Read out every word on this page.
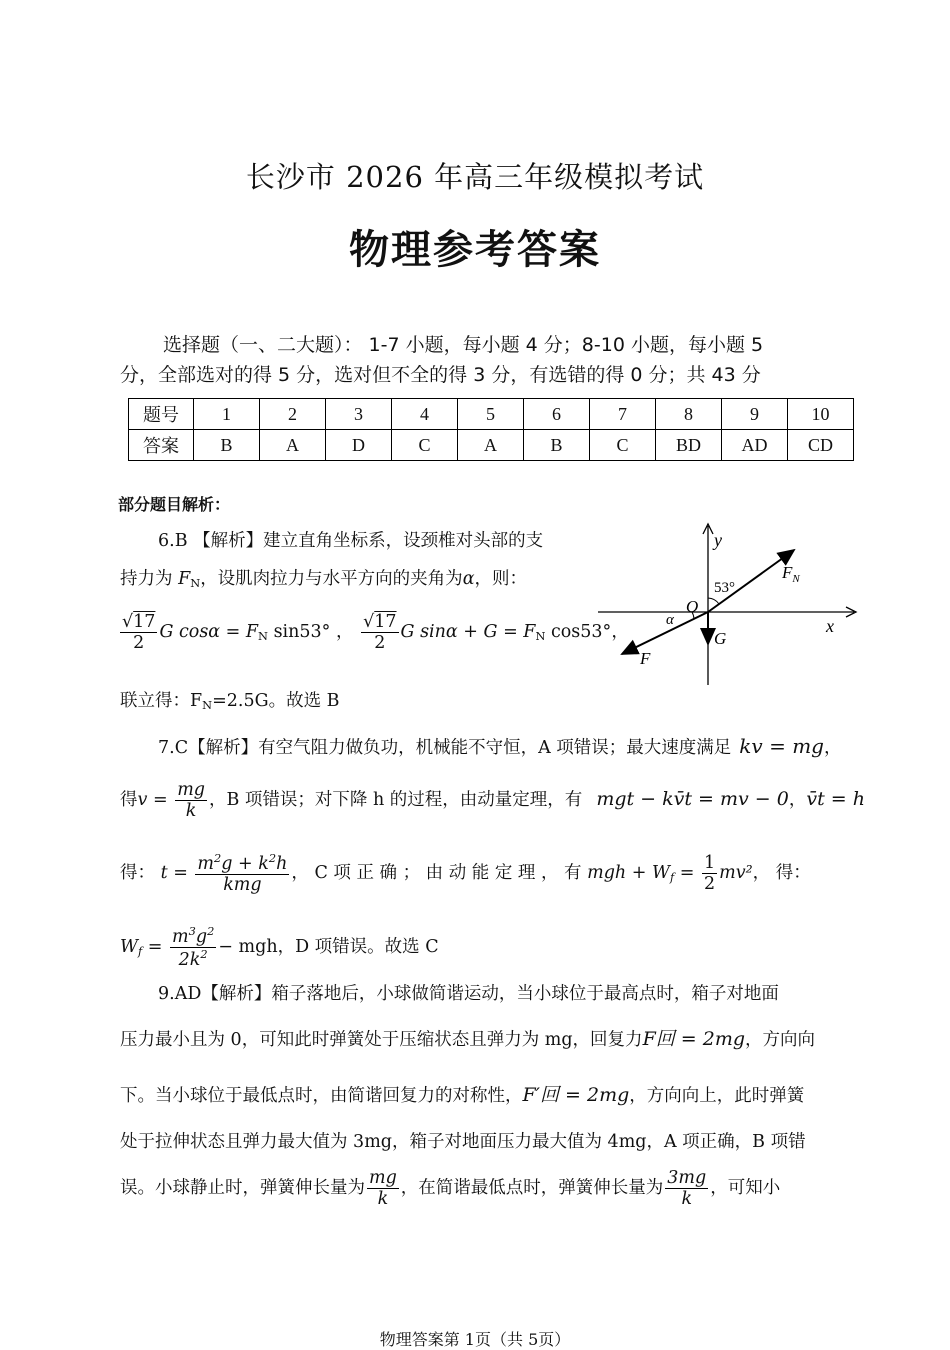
长沙市 2026 年高三年级模拟考试
物理参考答案
选择题（一、二大题）： 1-7 小题，每小题 4 分；8-10 小题，每小题 5
分，全部选对的得 5 分，选对但不全的得 3 分，有选错的得 0 分；共 43 分
题号	1	2	3	4	5	6	7	8	9	10
答案	B	A	D	C	A	B	C	BD	AD	CD
部分题目解析：
6.B 【解析】建立直角坐标系，设颈椎对头部的支
持力为 $F_N$，设肌肉拉力与水平方向的夹角为α，则：
$\frac{√17}{2}$ G $\cos\alpha = F_N$ sin53° ， $\frac{√17}{2}$ G $\sin\alpha + G = F_N$ cos53°，
联立得：$F_N=2.5G$。故选 B
y
x
O
53°
α
$F_N$
G
F
7.C【解析】有空气阻力做负功，机械能不守恒，A 项错误；最大速度满足 kv = mg，
得$v = \frac{mg}{k}$ ，B 项错误；对下降 h 的过程，由动量定理，有 mgt − kv̄t = mv − 0，v̄t = h
得： $t = \frac{m^2g + k^2h}{\text{kmg}}$ ， C 项 正 确 ； 由 动 能 定 理 ， 有 mgh + $W_f = \frac{1}{2} mv^2$， 得：
$W_f = \frac{m^3g^2}{2k^2}$ − mgh，D 项错误。故选 C
9.AD【解析】箱子落地后，小球做简谐运动，当小球位于最高点时，箱子对地面
压力最小且为 0，可知此时弹簧处于压缩状态且弹力为 mg，回复力F回 = 2mg，方向向
下。当小球位于最低点时，由简谐回复力的对称性，F′回 = 2mg，方向向上，此时弹簧
处于拉伸状态且弹力最大值为 3mg，箱子对地面压力最大值为 4mg，A 项正确，B 项错
误。小球静止时，弹簧伸长量为 $\frac{mg}{k}$ ，在简谐最低点时，弹簧伸长量为 $\frac{3mg}{k}$ ，可知小
物理答案第 1页（共 5页）
